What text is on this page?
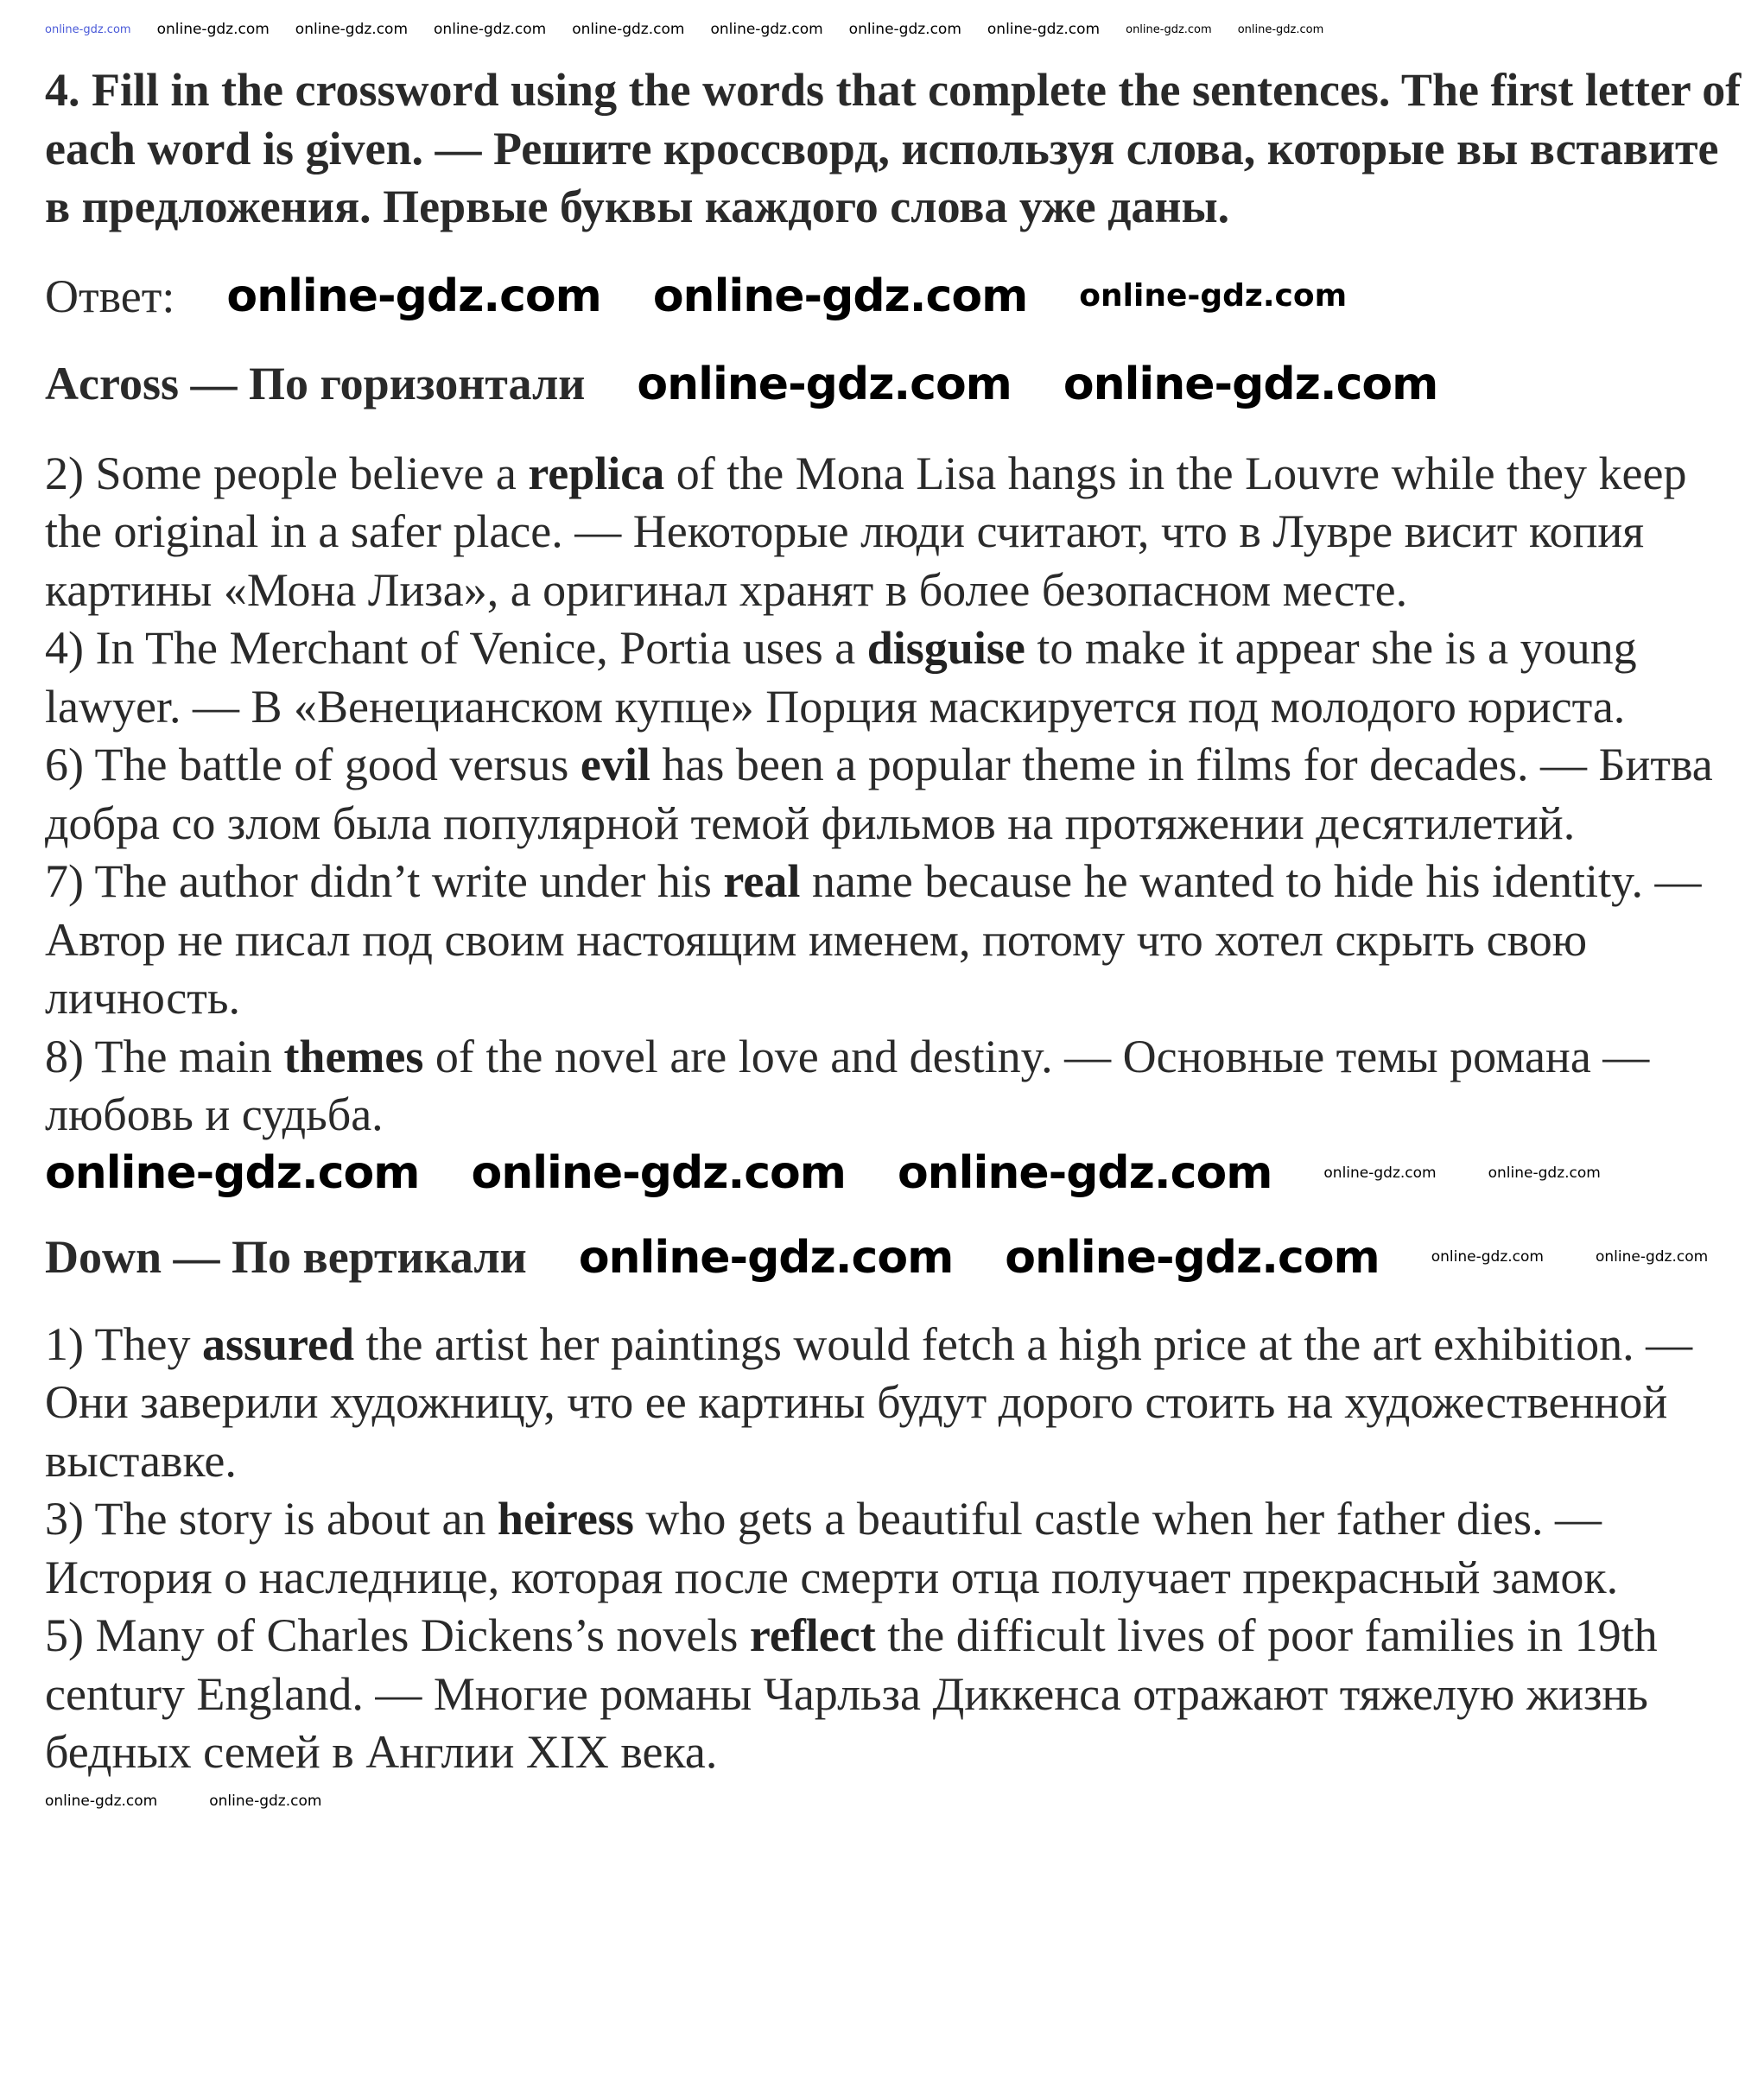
online-gdz.com online-gdz.com online-gdz.com online-gdz.com online-gdz.com online-gdz.com online-gdz.com online-gdz.com online-gdz.com online-gdz.com
4. Fill in the crossword using the words that complete the sentences. The first letter of each word is given. — Решите кроссворд, используя слова, которые вы вставите в предложения. Первые буквы каждого слова уже даны.
Ответ: online-gdz.com online-gdz.com online-gdz.com
Across — По горизонтали online-gdz.com online-gdz.com

2) Some people believe a replica of the Mona Lisa hangs in the Louvre while they keep the original in a safer place. — Некоторые люди считают, что в Лувре висит копия картины «Мона Лиза», а оригинал хранят в более безопасном месте.

4) In The Merchant of Venice, Portia uses a disguise to make it appear she is a young lawyer. — В «Венецианском купце» Порция маскируется под молодого юриста.

6) The battle of good versus evil has been a popular theme in films for decades. — Битва добра со злом была популярной темой фильмов на протяжении десятилетий.

7) The author didn’t write under his real name because he wanted to hide his identity. — Автор не писал под своим настоящим именем, потому что хотел скрыть свою личность.

8) The main themes of the novel are love and destiny. — Основные темы романа — любовь и судьба.

online-gdz.com online-gdz.com online-gdz.com	online-gdz.com	online-gdz.com
Down — По вертикали online-gdz.com online-gdz.com	online-gdz.com	online-gdz.com

1) They assured the artist her paintings would fetch a high price at the art exhibition. — Они заверили художницу, что ее картины будут дорого стоить на художественной выставке.

3) The story is about an heiress who gets a beautiful castle when her father dies. — История о наследнице, которая после смерти отца получает прекрасный замок.

5) Many of Charles Dickens’s novels reflect the difficult lives of poor families in 19th century England. — Многие романы Чарльза Диккенса отражают тяжелую жизнь бедных семей в Англии XIX века.

online-gdz.com	online-gdz.com
